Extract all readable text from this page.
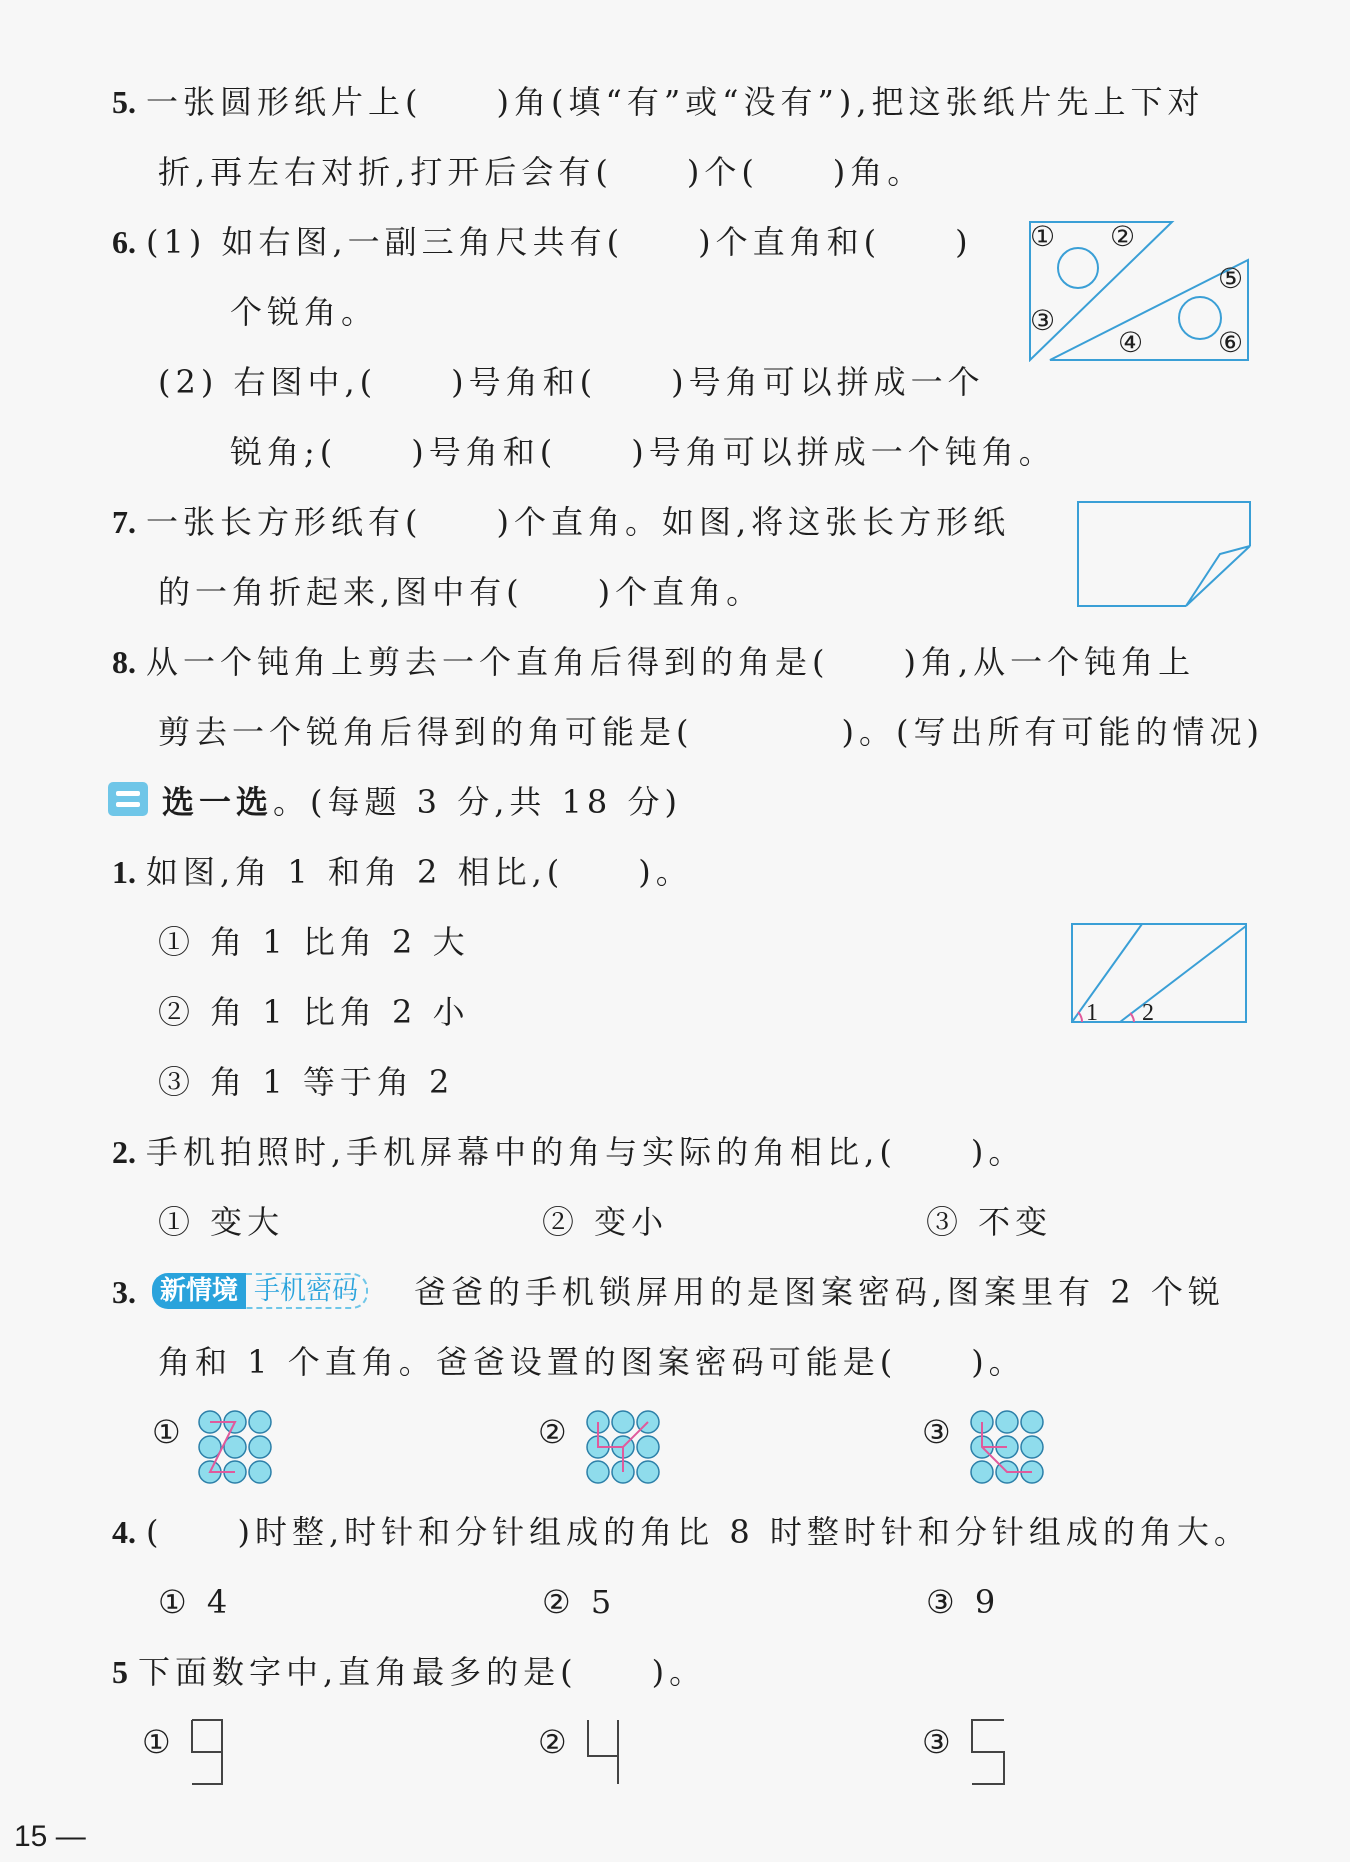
5. 一张圆形纸片上(　　)角(填“有”或“没有”),把这张纸片先上下对
折,再左右对折,打开后会有(　　)个(　　)角。
6. (1) 如右图,一副三角尺共有(　　)个直角和(　　)
个锐角。
(2) 右图中,(　　)号角和(　　)号角可以拼成一个
锐角;(　　)号角和(　　)号角可以拼成一个钝角。
7. 一张长方形纸有(　　)个直角。如图,将这张长方形纸
的一角折起来,图中有(　　)个直角。
8. 从一个钝角上剪去一个直角后得到的角是(　　)角,从一个钝角上
剪去一个锐角后得到的角可能是(　　　　)。(写出所有可能的情况)
1. 如图,角 1 和角 2 相比,(　　)。
① 角 1 比角 2 大
② 角 1 比角 2 小
③ 角 1 等于角 2
2. 手机拍照时,手机屏幕中的角与实际的角相比,(　　)。
3.	爸爸的手机锁屏用的是图案密码,图案里有 2 个锐
角和 1 个直角。爸爸设置的图案密码可能是(　　)。
4. (　　)时整,时针和分针组成的角比 8 时整时针和分针组成的角大。
5 下面数字中,直角最多的是(　　)。
选一选。(每题 3 分,共 18 分)
新情境 手机密码
① 变大	② 变小	③ 不变
① 4	② 5	③ 9
① ②
③
④
⑤
⑥
1 2
①	②	③
①	②	③
15 —
